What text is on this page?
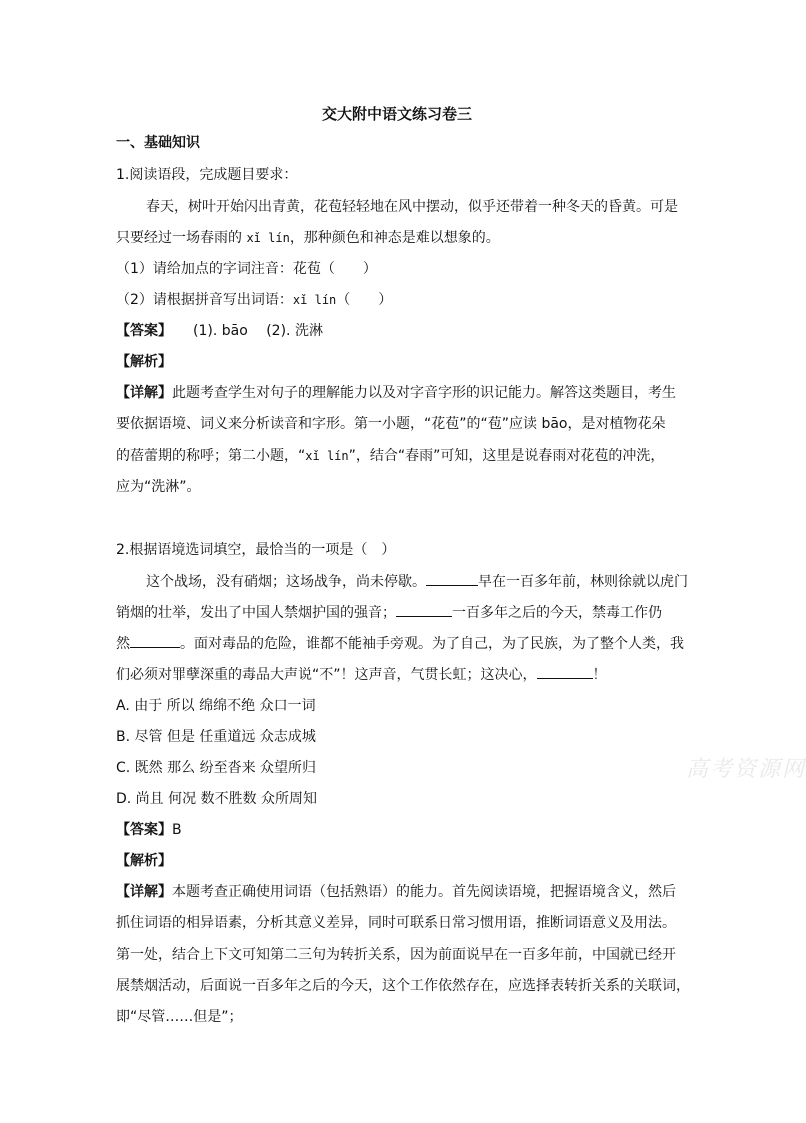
交大附中语文练习卷三
一、基础知识
1.阅读语段，完成题目要求：
春天，树叶开始闪出青黄，花苞轻轻地在风中摆动，似乎还带着一种冬天的昏黄。可是
只要经过一场春雨的 xǐ lín，那种颜色和神态是难以想象的。
（1）请给加点的字词注音：花苞（　　）
（2）请根据拼音写出词语：xǐ lín（　　）
【答案】　　 (1). bāo　 (2). 洗淋
【解析】
【详解】此题考查学生对句子的理解能力以及对字音字形的识记能力。解答这类题目，考生
要依据语境、词义来分析读音和字形。第一小题，“花苞”的“苞”应读 bāo，是对植物花朵
的蓓蕾期的称呼；第二小题，“xǐ lín”，结合“春雨”可知，这里是说春雨对花苞的冲洗，
应为“洗淋”。
2.根据语境选词填空，最恰当的一项是（　）
这个战场，没有硝烟；这场战争，尚未停歇。	早在一百多年前，林则徐就以虎门
销烟的壮举，发出了中国人禁烟护国的强音；	一百多年之后的今天，禁毒工作仍
然	。面对毒品的危险，谁都不能袖手旁观。为了自己，为了民族，为了整个人类，我
们必须对罪孽深重的毒品大声说“不”！这声音，气贯长虹；这决心，	！
A. 由于 所以 绵绵不绝 众口一词
B. 尽管 但是 任重道远 众志成城
C. 既然 那么 纷至沓来 众望所归
D. 尚且 何况 数不胜数 众所周知
【答案】B
【解析】
【详解】本题考查正确使用词语（包括熟语）的能力。首先阅读语境，把握语境含义，然后
抓住词语的相异语素，分析其意义差异，同时可联系日常习惯用语，推断词语意义及用法。
第一处，结合上下文可知第二三句为转折关系，因为前面说早在一百多年前，中国就已经开
展禁烟活动，后面说一百多年之后的今天，这个工作依然存在，应选择表转折关系的关联词，
即“尽管……但是”；
高考资源网
